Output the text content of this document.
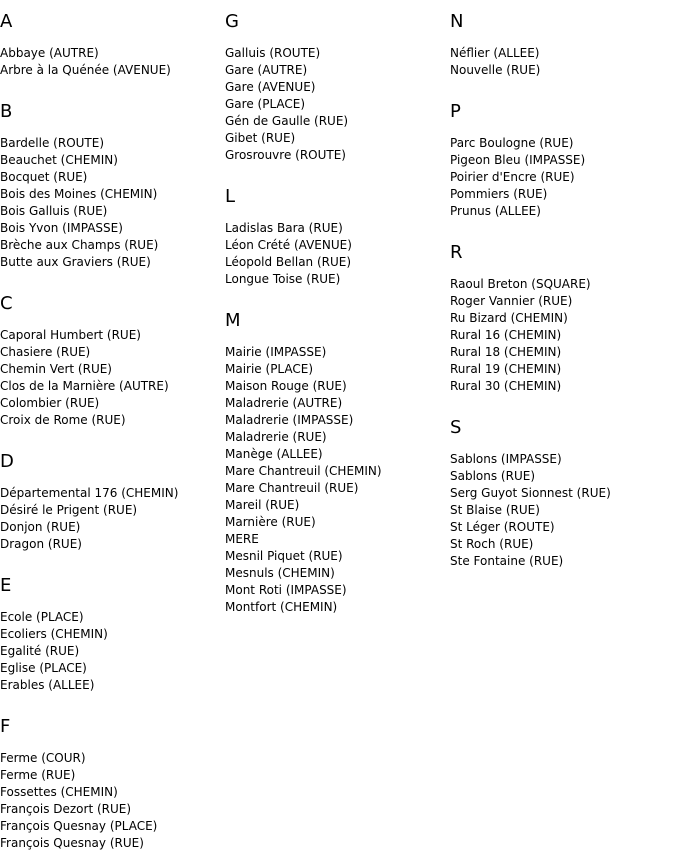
A
Abbaye (AUTRE)
Arbre à la Quénée (AVENUE)
B
Bardelle (ROUTE)
Beauchet (CHEMIN)
Bocquet (RUE)
Bois des Moines (CHEMIN)
Bois Galluis (RUE)
Bois Yvon (IMPASSE)
Brèche aux Champs (RUE)
Butte aux Graviers (RUE)
C
Caporal Humbert (RUE)
Chasiere (RUE)
Chemin Vert (RUE)
Clos de la Marnière (AUTRE)
Colombier (RUE)
Croix de Rome (RUE)
D
Départemental 176 (CHEMIN)
Désiré le Prigent (RUE)
Donjon (RUE)
Dragon (RUE)
E
Ecole (PLACE)
Ecoliers (CHEMIN)
Egalité (RUE)
Eglise (PLACE)
Erables (ALLEE)
F
Ferme (COUR)
Ferme (RUE)
Fossettes (CHEMIN)
François Dezort (RUE)
François Quesnay (PLACE)
François Quesnay (RUE)
G
Galluis (ROUTE)
Gare (AUTRE)
Gare (AVENUE)
Gare (PLACE)
Gén de Gaulle (RUE)
Gibet (RUE)
Grosrouvre (ROUTE)
L
Ladislas Bara (RUE)
Léon Crété (AVENUE)
Léopold Bellan (RUE)
Longue Toise (RUE)
M
Mairie (IMPASSE)
Mairie (PLACE)
Maison Rouge (RUE)
Maladrerie (AUTRE)
Maladrerie (IMPASSE)
Maladrerie (RUE)
Manège (ALLEE)
Mare Chantreuil (CHEMIN)
Mare Chantreuil (RUE)
Mareil (RUE)
Marnière (RUE)
MERE
Mesnil Piquet (RUE)
Mesnuls (CHEMIN)
Mont Roti (IMPASSE)
Montfort (CHEMIN)
N
Néflier (ALLEE)
Nouvelle (RUE)
P
Parc Boulogne (RUE)
Pigeon Bleu (IMPASSE)
Poirier d'Encre (RUE)
Pommiers (RUE)
Prunus (ALLEE)
R
Raoul Breton (SQUARE)
Roger Vannier (RUE)
Ru Bizard (CHEMIN)
Rural 16 (CHEMIN)
Rural 18 (CHEMIN)
Rural 19 (CHEMIN)
Rural 30 (CHEMIN)
S
Sablons (IMPASSE)
Sablons (RUE)
Serg Guyot Sionnest (RUE)
St Blaise (RUE)
St Léger (ROUTE)
St Roch (RUE)
Ste Fontaine (RUE)
